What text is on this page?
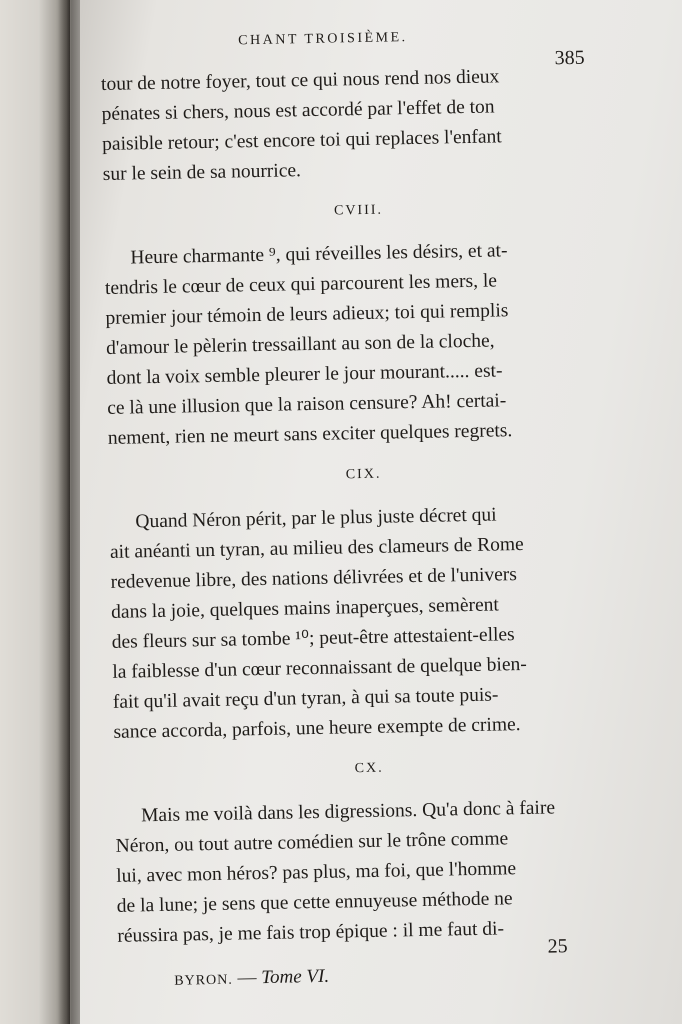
CHANT TROISIÈME.
385
tour de notre foyer, tout ce qui nous rend nos dieux
pénates si chers, nous est accordé par l'effet de ton
paisible retour; c'est encore toi qui replaces l'enfant
sur le sein de sa nourrice.
CVIII.
Heure charmante ⁹, qui réveilles les désirs, et at-
tendris le cœur de ceux qui parcourent les mers, le
premier jour témoin de leurs adieux; toi qui remplis
d'amour le pèlerin tressaillant au son de la cloche,
dont la voix semble pleurer le jour mourant..... est-
ce là une illusion que la raison censure? Ah! certai-
nement, rien ne meurt sans exciter quelques regrets.
CIX.
Quand Néron périt, par le plus juste décret qui
ait anéanti un tyran, au milieu des clameurs de Rome
redevenue libre, des nations délivrées et de l'univers
dans la joie, quelques mains inaperçues, semèrent
des fleurs sur sa tombe ¹⁰; peut-être attestaient-elles
la faiblesse d'un cœur reconnaissant de quelque bien-
fait qu'il avait reçu d'un tyran, à qui sa toute puis-
sance accorda, parfois, une heure exempte de crime.
CX.
Mais me voilà dans les digressions. Qu'a donc à faire
Néron, ou tout autre comédien sur le trône comme
lui, avec mon héros? pas plus, ma foi, que l'homme
de la lune; je sens que cette ennuyeuse méthode ne
réussira pas, je me fais trop épique : il me faut di-
BYRON. — Tome VI.
25
